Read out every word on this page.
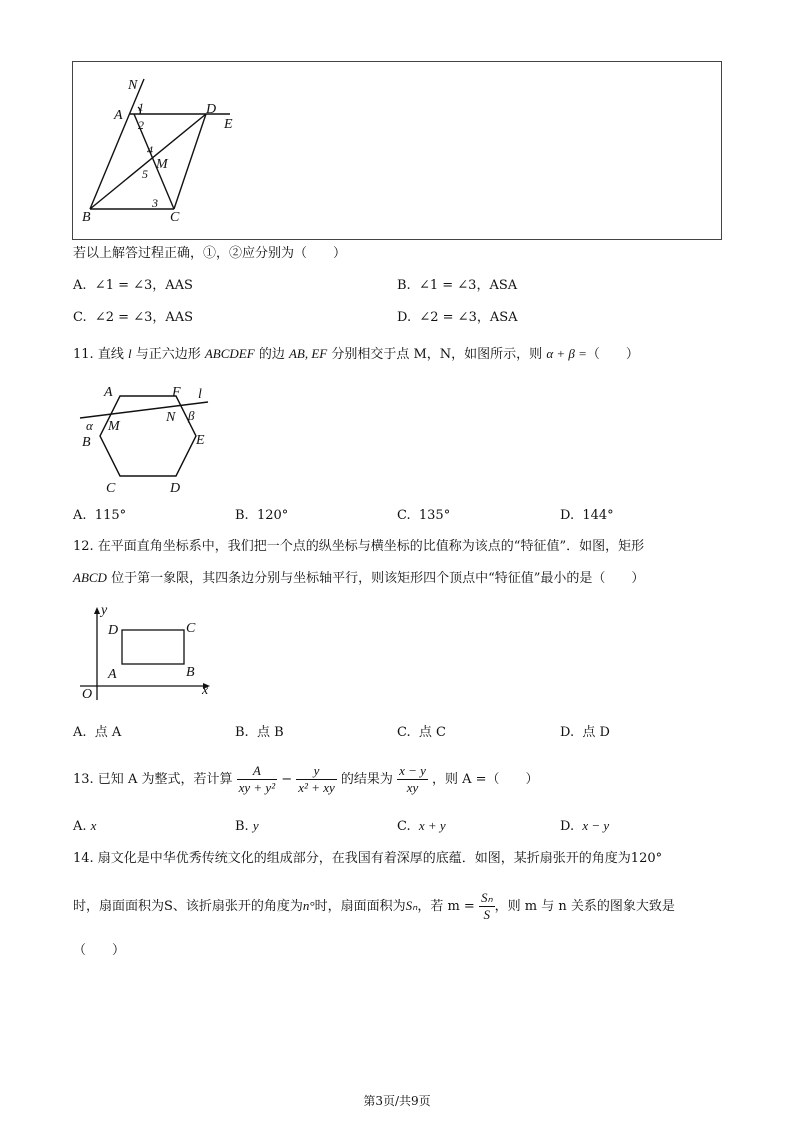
N
A
1
2
D
E
4
M
5
3
B	C
若以上解答过程正确，①，②应分别为（　　）
A. ∠1 = ∠3，AAS	B. ∠1 = ∠3，ASA
C. ∠2 = ∠3，AAS	D. ∠2 = ∠3，ASA
11. 直线 l 与正六边形 ABCDEF 的边 AB, EF 分别相交于点 M，N，如图所示，则 α + β =（　　）
A	F l
α M
N β
B	E
C	D
A. 115°	B. 120°	C. 135°	D. 144°
12. 在平面直角坐标系中，我们把一个点的纵坐标与横坐标的比值称为该点的“特征值”．如图，矩形
ABCD 位于第一象限，其四条边分别与坐标轴平行，则该矩形四个顶点中“特征值”最小的是（　　）
y
x
O
A	B
C
D
A. 点 A	B. 点 B	C. 点 C	D. 点 D
13. 已知 A 为整式，若计算 $\frac{A}{\text{xy + y²}} - \frac{y}{\text{x² + xy}}$ 的结果为 $\frac{x - y}{xy}$ ，则 A =（　　）
A. x	B. y	C. x + y	D. x − y
14. 扇文化是中华优秀传统文化的组成部分，在我国有着深厚的底蕴．如图，某折扇张开的角度为120°
时，扇面面积为S、该折扇张开的角度为n°时，扇面面积为Sₙ，若 $m = \frac{\text{Sₙ}}{S}$ ，则 m 与 n 关系的图象大致是
（　　）
第3页/共9页
